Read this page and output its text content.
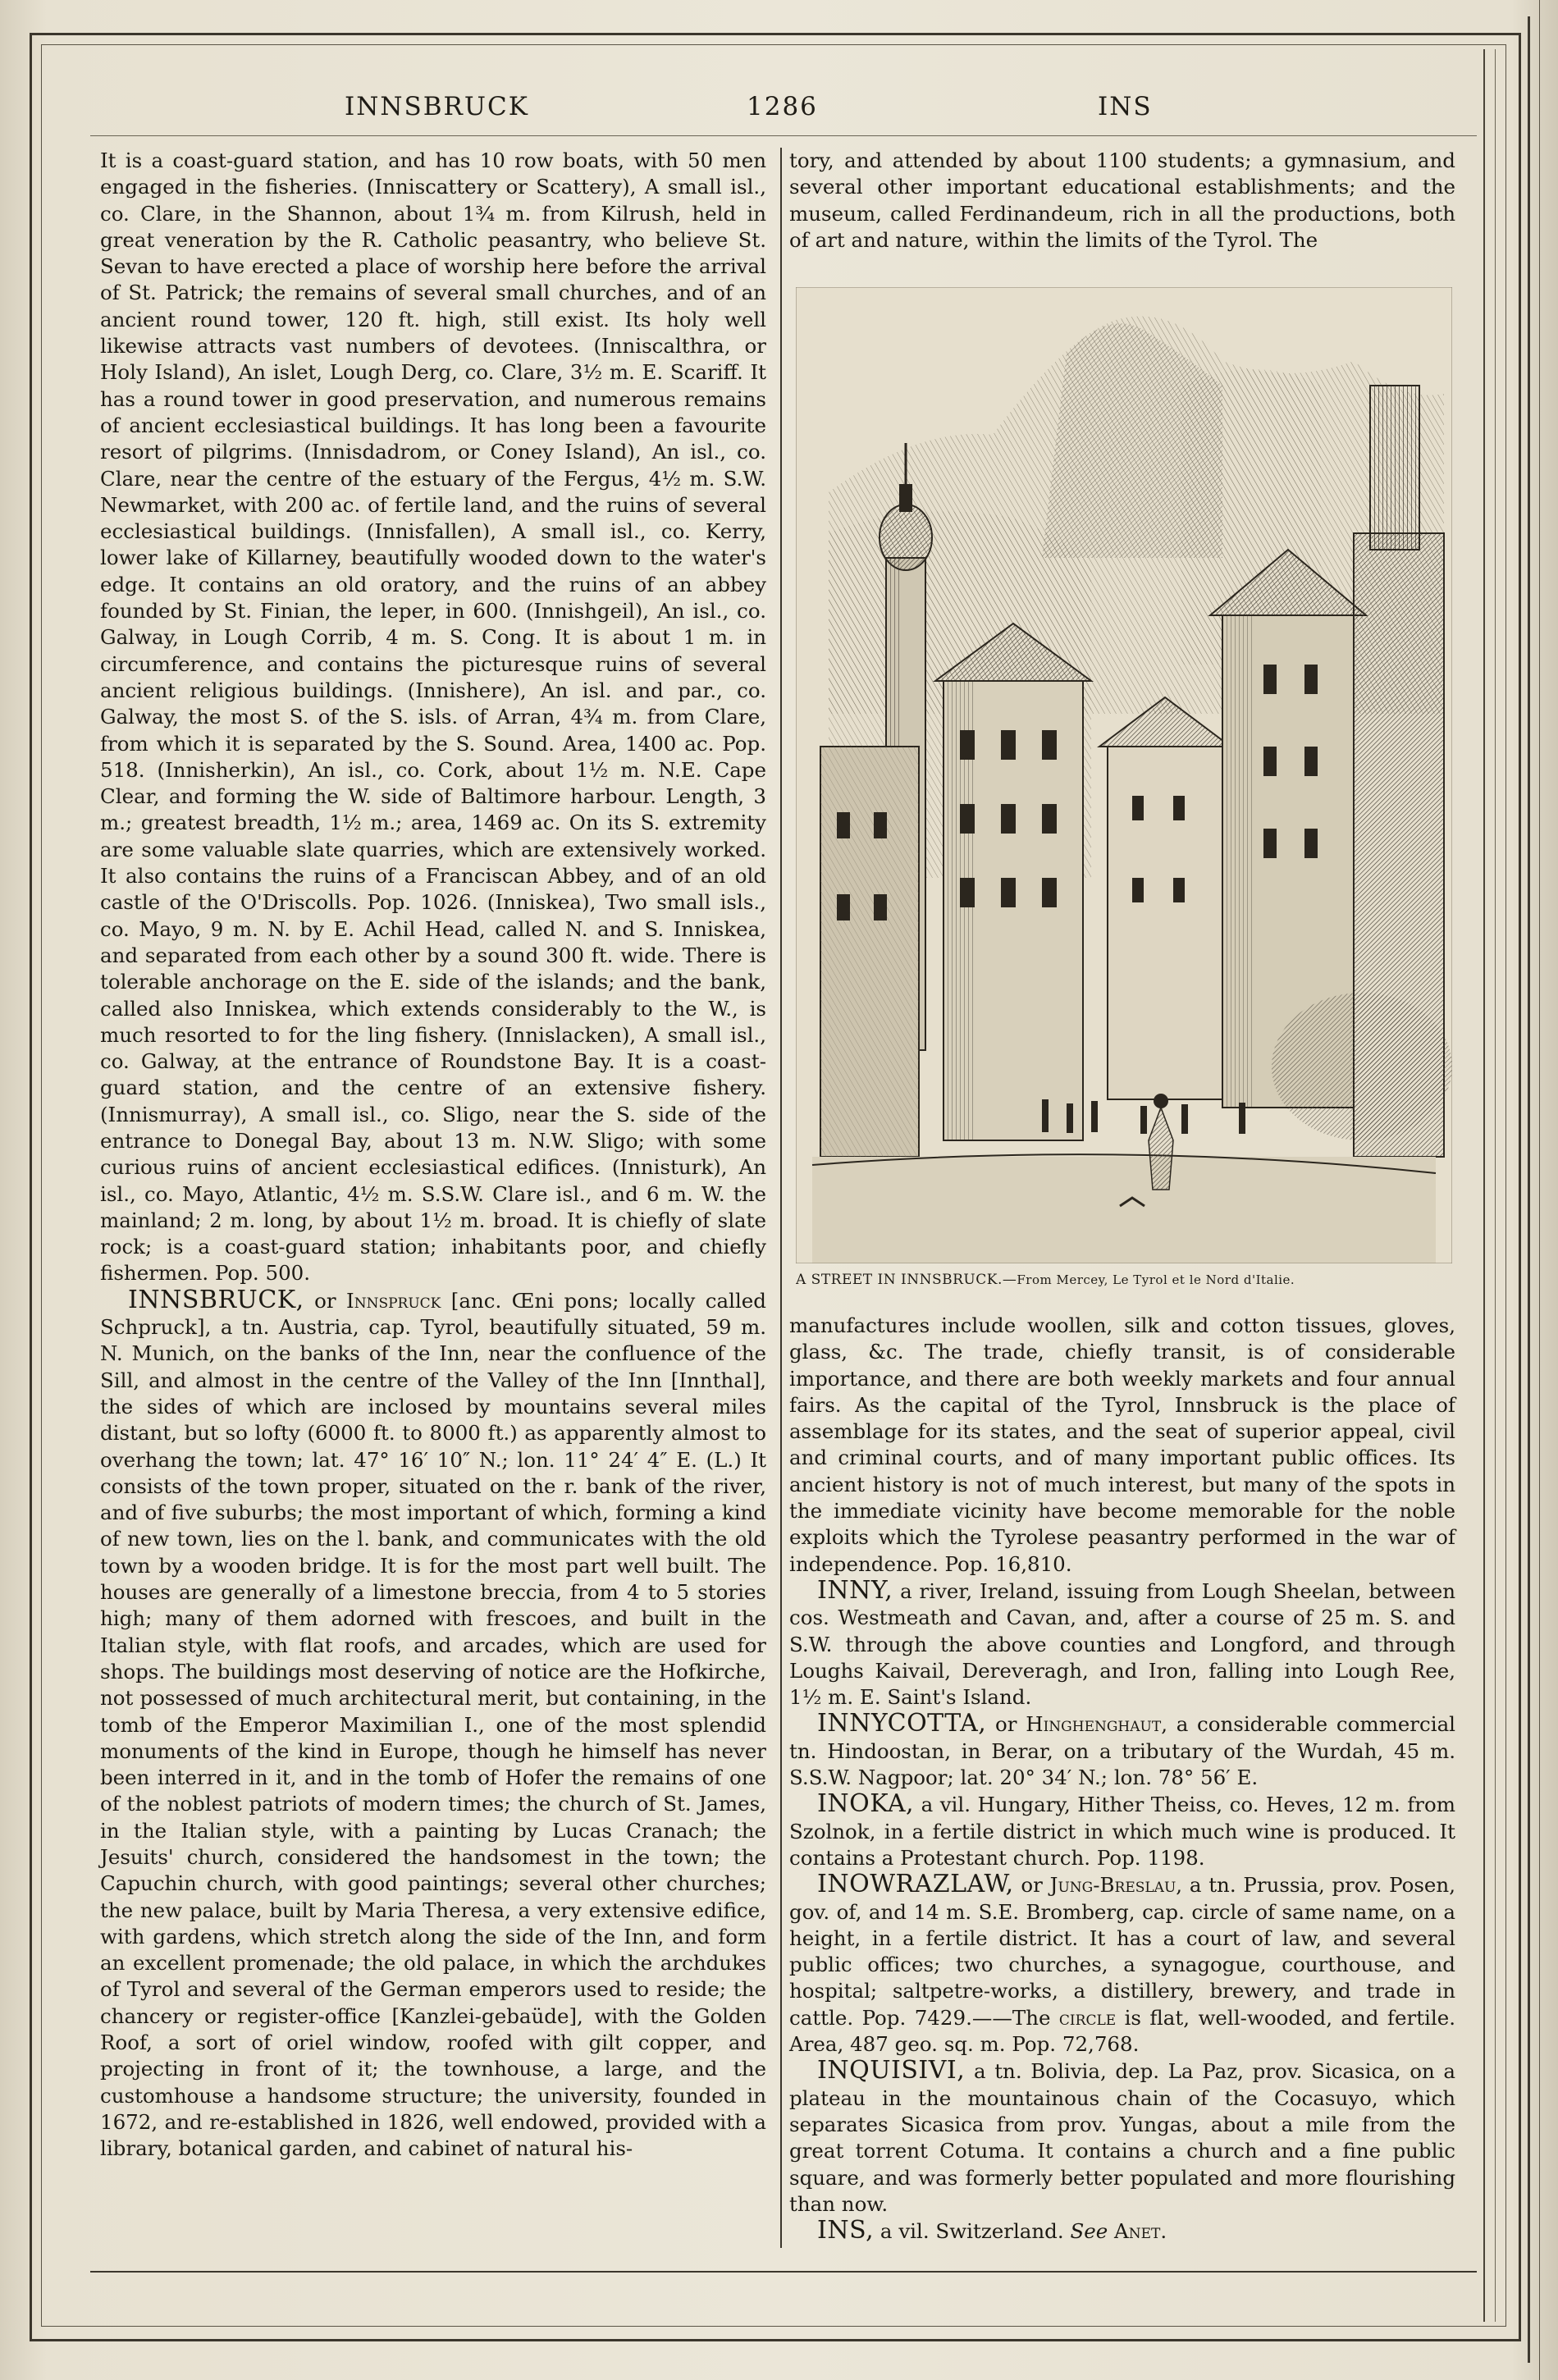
INNSBRUCK	1286	INS

It is a coast-guard station, and has 10 row boats, with 50 men engaged in the fisheries. (Inniscattery or Scattery), A small isl., co. Clare, in the Shannon, about 1¾ m. from Kilrush, held in great veneration by the R. Catholic peasantry, who believe St. Sevan to have erected a place of worship here before the arrival of St. Patrick; the remains of several small churches, and of an ancient round tower, 120 ft. high, still exist. Its holy well likewise attracts vast numbers of devotees. (Inniscalthra, or Holy Island), An islet, Lough Derg, co. Clare, 3½ m. E. Scariff. It has a round tower in good preservation, and numerous remains of ancient ecclesiastical buildings. It has long been a favourite resort of pilgrims. (Innisdadrom, or Coney Island), An isl., co. Clare, near the centre of the estuary of the Fergus, 4½ m. S.W. Newmarket, with 200 ac. of fertile land, and the ruins of several ecclesiastical buildings. (Innisfallen), A small isl., co. Kerry, lower lake of Killarney, beautifully wooded down to the water's edge. It contains an old oratory, and the ruins of an abbey founded by St. Finian, the leper, in 600. (Innishgeil), An isl., co. Galway, in Lough Corrib, 4 m. S. Cong. It is about 1 m. in circumference, and contains the picturesque ruins of several ancient religious buildings. (Innishere), An isl. and par., co. Galway, the most S. of the S. isls. of Arran, 4¾ m. from Clare, from which it is separated by the S. Sound. Area, 1400 ac. Pop. 518. (Innisherkin), An isl., co. Cork, about 1½ m. N.E. Cape Clear, and forming the W. side of Baltimore harbour. Length, 3 m.; greatest breadth, 1½ m.; area, 1469 ac. On its S. extremity are some valuable slate quarries, which are extensively worked. It also contains the ruins of a Franciscan Abbey, and of an old castle of the O'Driscolls. Pop. 1026. (Inniskea), Two small isls., co. Mayo, 9 m. N. by E. Achil Head, called N. and S. Inniskea, and separated from each other by a sound 300 ft. wide. There is tolerable anchorage on the E. side of the islands; and the bank, called also Inniskea, which extends considerably to the W., is much resorted to for the ling fishery. (Innislacken), A small isl., co. Galway, at the entrance of Roundstone Bay. It is a coast-guard station, and the centre of an extensive fishery. (Innismurray), A small isl., co. Sligo, near the S. side of the entrance to Donegal Bay, about 13 m. N.W. Sligo; with some curious ruins of ancient ecclesiastical edifices. (Innisturk), An isl., co. Mayo, Atlantic, 4½ m. S.S.W. Clare isl., and 6 m. W. the mainland; 2 m. long, by about 1½ m. broad. It is chiefly of slate rock; is a coast-guard station; inhabitants poor, and chiefly fishermen. Pop. 500.

INNSBRUCK, or Innspruck [anc. Œni pons; locally called Schpruck], a tn. Austria, cap. Tyrol, beautifully situated, 59 m. N. Munich, on the banks of the Inn, near the confluence of the Sill, and almost in the centre of the Valley of the Inn [Innthal], the sides of which are inclosed by mountains several miles distant, but so lofty (6000 ft. to 8000 ft.) as apparently almost to overhang the town; lat. 47° 16′ 10″ N.; lon. 11° 24′ 4″ E. (L.) It consists of the town proper, situated on the r. bank of the river, and of five suburbs; the most important of which, forming a kind of new town, lies on the l. bank, and communicates with the old town by a wooden bridge. It is for the most part well built. The houses are generally of a limestone breccia, from 4 to 5 stories high; many of them adorned with frescoes, and built in the Italian style, with flat roofs, and arcades, which are used for shops. The buildings most deserving of notice are the Hofkirche, not possessed of much architectural merit, but containing, in the tomb of the Emperor Maximilian I., one of the most splendid monuments of the kind in Europe, though he himself has never been interred in it, and in the tomb of Hofer the remains of one of the noblest patriots of modern times; the church of St. James, in the Italian style, with a painting by Lucas Cranach; the Jesuits' church, considered the handsomest in the town; the Capuchin church, with good paintings; several other churches; the new palace, built by Maria Theresa, a very extensive edifice, with gardens, which stretch along the side of the Inn, and form an excellent promenade; the old palace, in which the archdukes of Tyrol and several of the German emperors used to reside; the chancery or register-office [Kanzlei-gebaüde], with the Golden Roof, a sort of oriel window, roofed with gilt copper, and projecting in front of it; the townhouse, a large, and the customhouse a handsome structure; the university, founded in 1672, and re-established in 1826, well endowed, provided with a library, botanical garden, and cabinet of natural his-

tory, and attended by about 1100 students; a gymnasium, and several other important educational establishments; and the museum, called Ferdinandeum, rich in all the productions, both of art and nature, within the limits of the Tyrol. The

A STREET IN INNSBRUCK.—From Mercey, Le Tyrol et le Nord d'Italie.

manufactures include woollen, silk and cotton tissues, gloves, glass, &c. The trade, chiefly transit, is of considerable importance, and there are both weekly markets and four annual fairs. As the capital of the Tyrol, Innsbruck is the place of assemblage for its states, and the seat of superior appeal, civil and criminal courts, and of many important public offices. Its ancient history is not of much interest, but many of the spots in the immediate vicinity have become memorable for the noble exploits which the Tyrolese peasantry performed in the war of independence. Pop. 16,810.

INNY, a river, Ireland, issuing from Lough Sheelan, between cos. Westmeath and Cavan, and, after a course of 25 m. S. and S.W. through the above counties and Longford, and through Loughs Kaivail, Dereveragh, and Iron, falling into Lough Ree, 1½ m. E. Saint's Island.

INNYCOTTA, or Hinghenghaut, a considerable commercial tn. Hindoostan, in Berar, on a tributary of the Wurdah, 45 m. S.S.W. Nagpoor; lat. 20° 34′ N.; lon. 78° 56′ E.

INOKA, a vil. Hungary, Hither Theiss, co. Heves, 12 m. from Szolnok, in a fertile district in which much wine is produced. It contains a Protestant church. Pop. 1198.

INOWRAZLAW, or Jung-Breslau, a tn. Prussia, prov. Posen, gov. of, and 14 m. S.E. Bromberg, cap. circle of same name, on a height, in a fertile district. It has a court of law, and several public offices; two churches, a synagogue, courthouse, and hospital; saltpetre-works, a distillery, brewery, and trade in cattle. Pop. 7429.——The circle is flat, well-wooded, and fertile. Area, 487 geo. sq. m. Pop. 72,768.

INQUISIVI, a tn. Bolivia, dep. La Paz, prov. Sicasica, on a plateau in the mountainous chain of the Cocasuyo, which separates Sicasica from prov. Yungas, about a mile from the great torrent Cotuma. It contains a church and a fine public square, and was formerly better populated and more flourishing than now.

INS, a vil. Switzerland. See Anet.
